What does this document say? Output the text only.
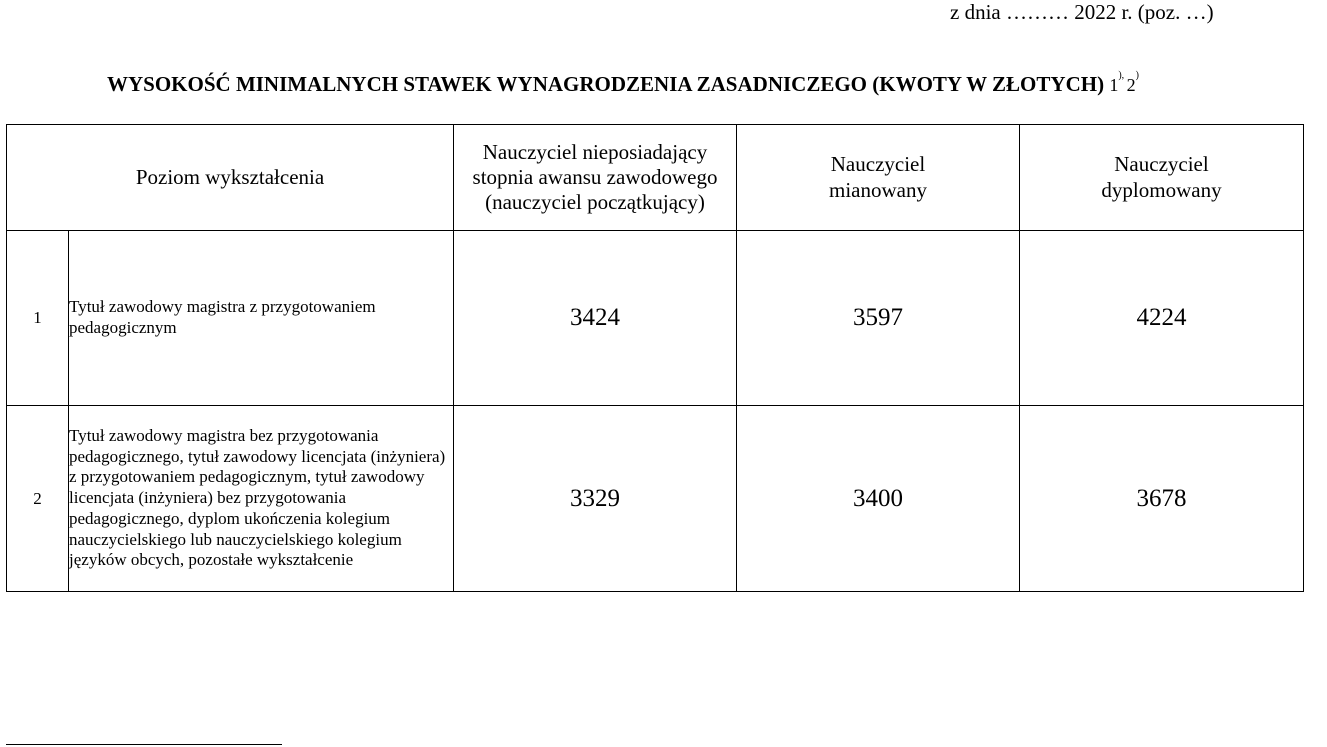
z dnia ……… 2022 r. (poz. …)
WYSOKOŚĆ MINIMALNYCH STAWEK WYNAGRODZENIA ZASADNICZEGO (KWOTY W ZŁOTYCH) 1), 2)
Poziom wykształcenia		Nauczyciel nieposiadający stopnia awansu zawodowego (nauczyciel początkujący)	Nauczyciel mianowany	Nauczyciel dyplomowany

1	Tytuł zawodowy magistra z przygotowaniem pedagogicznym	3424	3597	4224
2	Tytuł zawodowy magistra bez przygotowania pedagogicznego, tytuł zawodowy licencjata (inżyniera) z przygotowaniem pedagogicznym, tytuł zawodowy licencjata (inżyniera) bez przygotowania pedagogicznego, dyplom ukończenia kolegium nauczycielskiego lub nauczycielskiego kolegium języków obcych, pozostałe wykształcenie	3329	3400	3678
